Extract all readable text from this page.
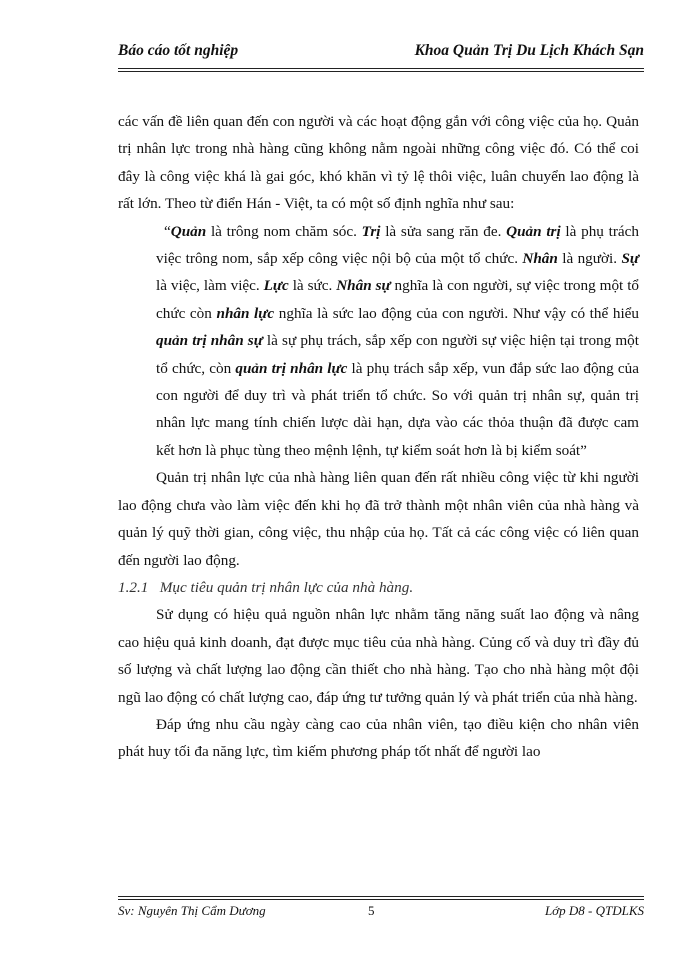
Báo cáo tốt nghiệp	Khoa Quản Trị Du Lịch Khách Sạn

các vấn đề liên quan đến con người và các hoạt động gắn với công việc của họ. Quản trị nhân lực trong nhà hàng cũng không nằm ngoài những công việc đó. Có thể coi đây là công việc khá là gai góc, khó khăn vì tỷ lệ thôi việc, luân chuyển lao động là rất lớn. Theo từ điển Hán - Việt, ta có một số định nghĩa như sau:

“Quản là trông nom chăm sóc. Trị là sửa sang răn đe. Quản trị là phụ trách việc trông nom, sắp xếp công việc nội bộ của một tổ chức. Nhân là người. Sự là việc, làm việc. Lực là sức. Nhân sự nghĩa là con người, sự việc trong một tổ chức còn nhân lực nghĩa là sức lao động của con người. Như vậy có thể hiểu quản trị nhân sự là sự phụ trách, sắp xếp con người sự việc hiện tại trong một tổ chức, còn quản trị nhân lực là phụ trách sắp xếp, vun đắp sức lao động của con người để duy trì và phát triển tổ chức. So với quản trị nhân sự, quản trị nhân lực mang tính chiến lược dài hạn, dựa vào các thỏa thuận đã được cam kết hơn là phục tùng theo mệnh lệnh, tự kiểm soát hơn là bị kiểm soát”

Quản trị nhân lực của nhà hàng liên quan đến rất nhiều công việc từ khi người lao động chưa vào làm việc đến khi họ đã trở thành một nhân viên của nhà hàng và quản lý quỹ thời gian, công việc, thu nhập của họ. Tất cả các công việc có liên quan đến người lao động.

1.2.1   Mục tiêu quản trị nhân lực của nhà hàng.

Sử dụng có hiệu quả nguồn nhân lực nhằm tăng năng suất lao động và nâng cao hiệu quả kinh doanh, đạt được mục tiêu của nhà hàng. Củng cố và duy trì đầy đủ số lượng và chất lượng lao động cần thiết cho nhà hàng. Tạo cho nhà hàng một đội ngũ lao động có chất lượng cao, đáp ứng tư tưởng quản lý và phát triển của nhà hàng.

Đáp ứng nhu cầu ngày càng cao của nhân viên, tạo điều kiện cho nhân viên phát huy tối đa năng lực, tìm kiếm phương pháp tốt nhất để người lao

Sv: Nguyên Thị Cẩm Dương	5	Lớp D8 - QTDLKS
